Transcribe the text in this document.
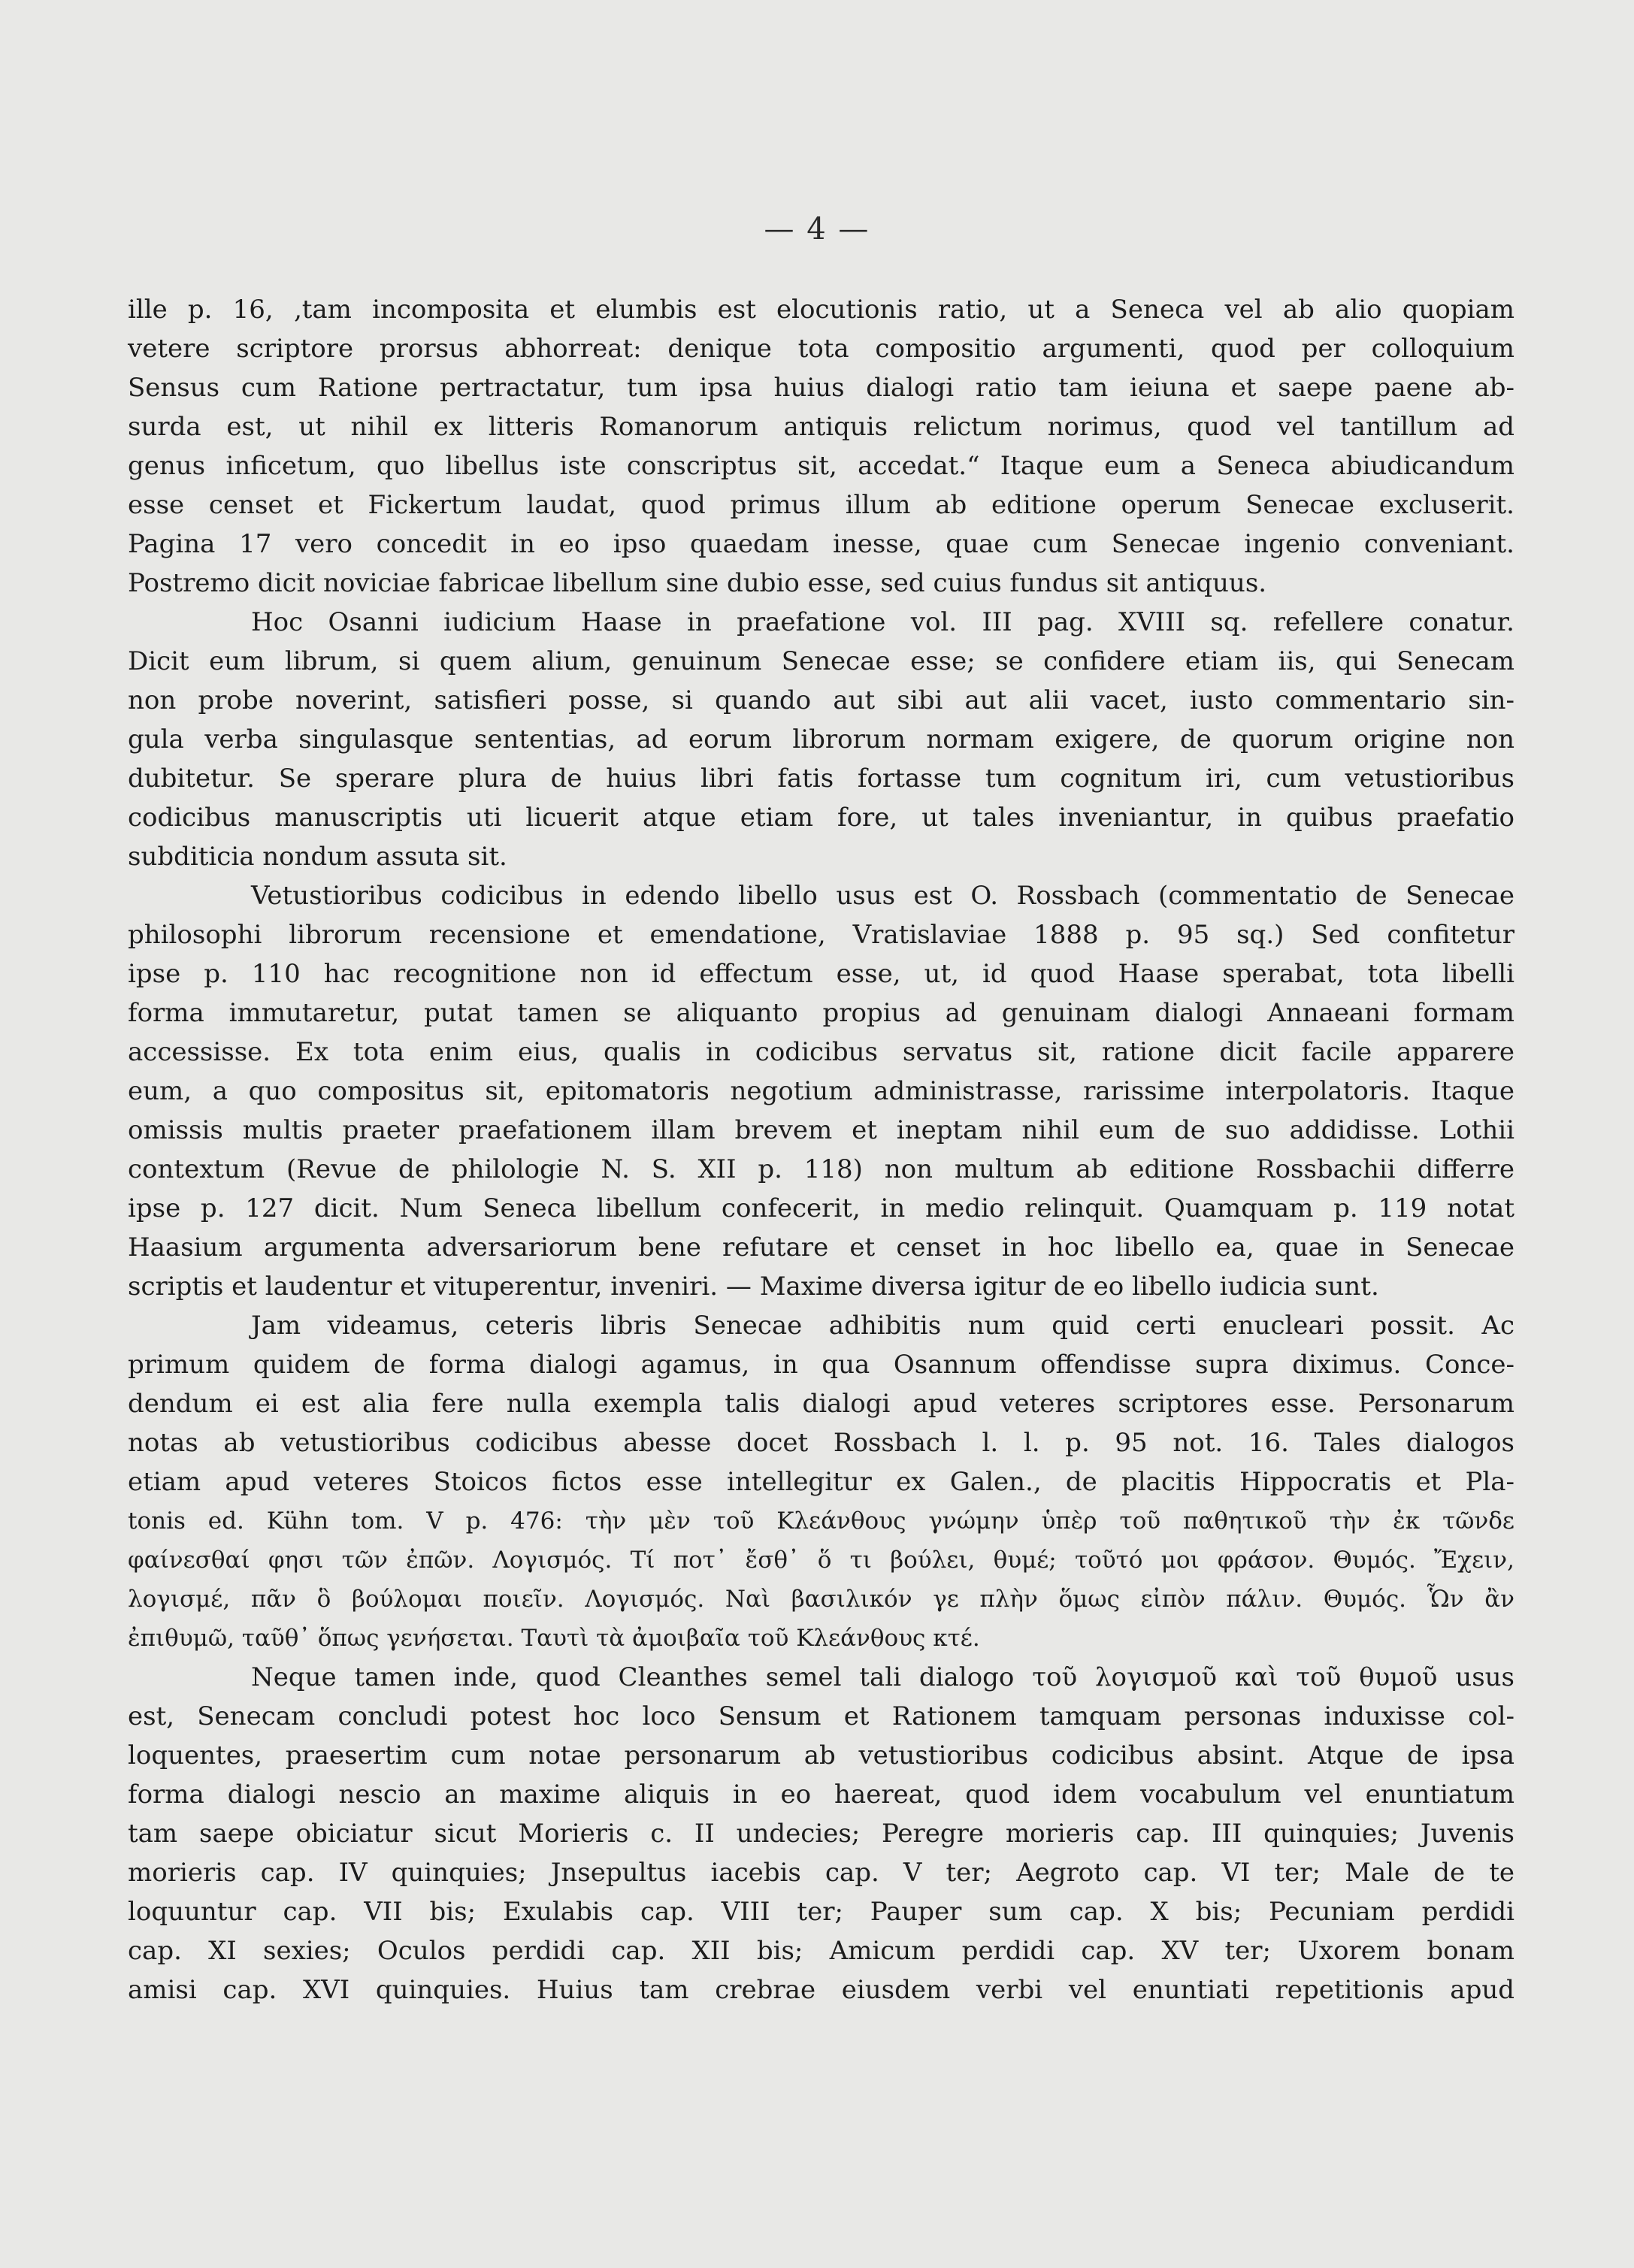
— 4 —
ille p. 16, ‚tam incomposita et elumbis est elocutionis ratio, ut a Seneca vel ab alio quopiam
vetere scriptore prorsus abhorreat: denique tota compositio argumenti, quod per colloquium
Sensus cum Ratione pertractatur, tum ipsa huius dialogi ratio tam ieiuna et saepe paene ab-
surda est, ut nihil ex litteris Romanorum antiquis relictum norimus, quod vel tantillum ad
genus inficetum, quo libellus iste conscriptus sit, accedat.“ Itaque eum a Seneca abiudicandum
esse censet et Fickertum laudat, quod primus illum ab editione operum Senecae excluserit.
Pagina 17 vero concedit in eo ipso quaedam inesse, quae cum Senecae ingenio conveniant.
Postremo dicit noviciae fabricae libellum sine dubio esse, sed cuius fundus sit antiquus.
Hoc Osanni iudicium Haase in praefatione vol. III pag. XVIII sq. refellere conatur.
Dicit eum librum, si quem alium, genuinum Senecae esse; se confidere etiam iis, qui Senecam
non probe noverint, satisfieri posse, si quando aut sibi aut alii vacet, iusto commentario sin-
gula verba singulasque sententias, ad eorum librorum normam exigere, de quorum origine non
dubitetur. Se sperare plura de huius libri fatis fortasse tum cognitum iri, cum vetustioribus
codicibus manuscriptis uti licuerit atque etiam fore, ut tales inveniantur, in quibus praefatio
subditicia nondum assuta sit.
Vetustioribus codicibus in edendo libello usus est O. Rossbach (commentatio de Senecae
philosophi librorum recensione et emendatione, Vratislaviae 1888 p. 95 sq.) Sed confitetur
ipse p. 110 hac recognitione non id effectum esse, ut, id quod Haase sperabat, tota libelli
forma immutaretur, putat tamen se aliquanto propius ad genuinam dialogi Annaeani formam
accessisse. Ex tota enim eius, qualis in codicibus servatus sit, ratione dicit facile apparere
eum, a quo compositus sit, epitomatoris negotium administrasse, rarissime interpolatoris. Itaque
omissis multis praeter praefationem illam brevem et ineptam nihil eum de suo addidisse. Lothii
contextum (Revue de philologie N. S. XII p. 118) non multum ab editione Rossbachii differre
ipse p. 127 dicit. Num Seneca libellum confecerit, in medio relinquit. Quamquam p. 119 notat
Haasium argumenta adversariorum bene refutare et censet in hoc libello ea, quae in Senecae
scriptis et laudentur et vituperentur, inveniri. — Maxime diversa igitur de eo libello iudicia sunt.
Jam videamus, ceteris libris Senecae adhibitis num quid certi enucleari possit. Ac
primum quidem de forma dialogi agamus, in qua Osannum offendisse supra diximus. Conce-
dendum ei est alia fere nulla exempla talis dialogi apud veteres scriptores esse. Personarum
notas ab vetustioribus codicibus abesse docet Rossbach l. l. p. 95 not. 16. Tales dialogos
etiam apud veteres Stoicos fictos esse intellegitur ex Galen., de placitis Hippocratis et Pla-
tonis ed. Kühn tom. V p. 476: τὴν μὲν τοῦ Κλεάνθους γνώμην ὑπὲρ τοῦ παθητικοῦ τὴν ἐκ τῶνδε
φαίνεσθαί φησι τῶν ἐπῶν. Λογισμός. Τί ποτ᾽ ἔσθ᾽ ὅ τι βούλει, θυμέ; τοῦτό μοι φράσον. Θυμός. Ἔχειν,
λογισμέ, πᾶν ὃ βούλομαι ποιεῖν. Λογισμός. Ναὶ βασιλικόν γε πλὴν ὅμως εἰπὸν πάλιν. Θυμός. Ὧν ἂν
ἐπιθυμῶ, ταῦθ᾽ ὅπως γενήσεται. Ταυτὶ τὰ ἀμοιβαῖα τοῦ Κλεάνθους κτέ.
Neque tamen inde, quod Cleanthes semel tali dialogo τοῦ λογισμοῦ καὶ τοῦ θυμοῦ usus
est, Senecam concludi potest hoc loco Sensum et Rationem tamquam personas induxisse col-
loquentes, praesertim cum notae personarum ab vetustioribus codicibus absint. Atque de ipsa
forma dialogi nescio an maxime aliquis in eo haereat, quod idem vocabulum vel enuntiatum
tam saepe obiciatur sicut Morieris c. II undecies; Peregre morieris cap. III quinquies; Juvenis
morieris cap. IV quinquies; Jnsepultus iacebis cap. V ter; Aegroto cap. VI ter; Male de te
loquuntur cap. VII bis; Exulabis cap. VIII ter; Pauper sum cap. X bis; Pecuniam perdidi
cap. XI sexies; Oculos perdidi cap. XII bis; Amicum perdidi cap. XV ter; Uxorem bonam
amisi cap. XVI quinquies. Huius tam crebrae eiusdem verbi vel enuntiati repetitionis apud
